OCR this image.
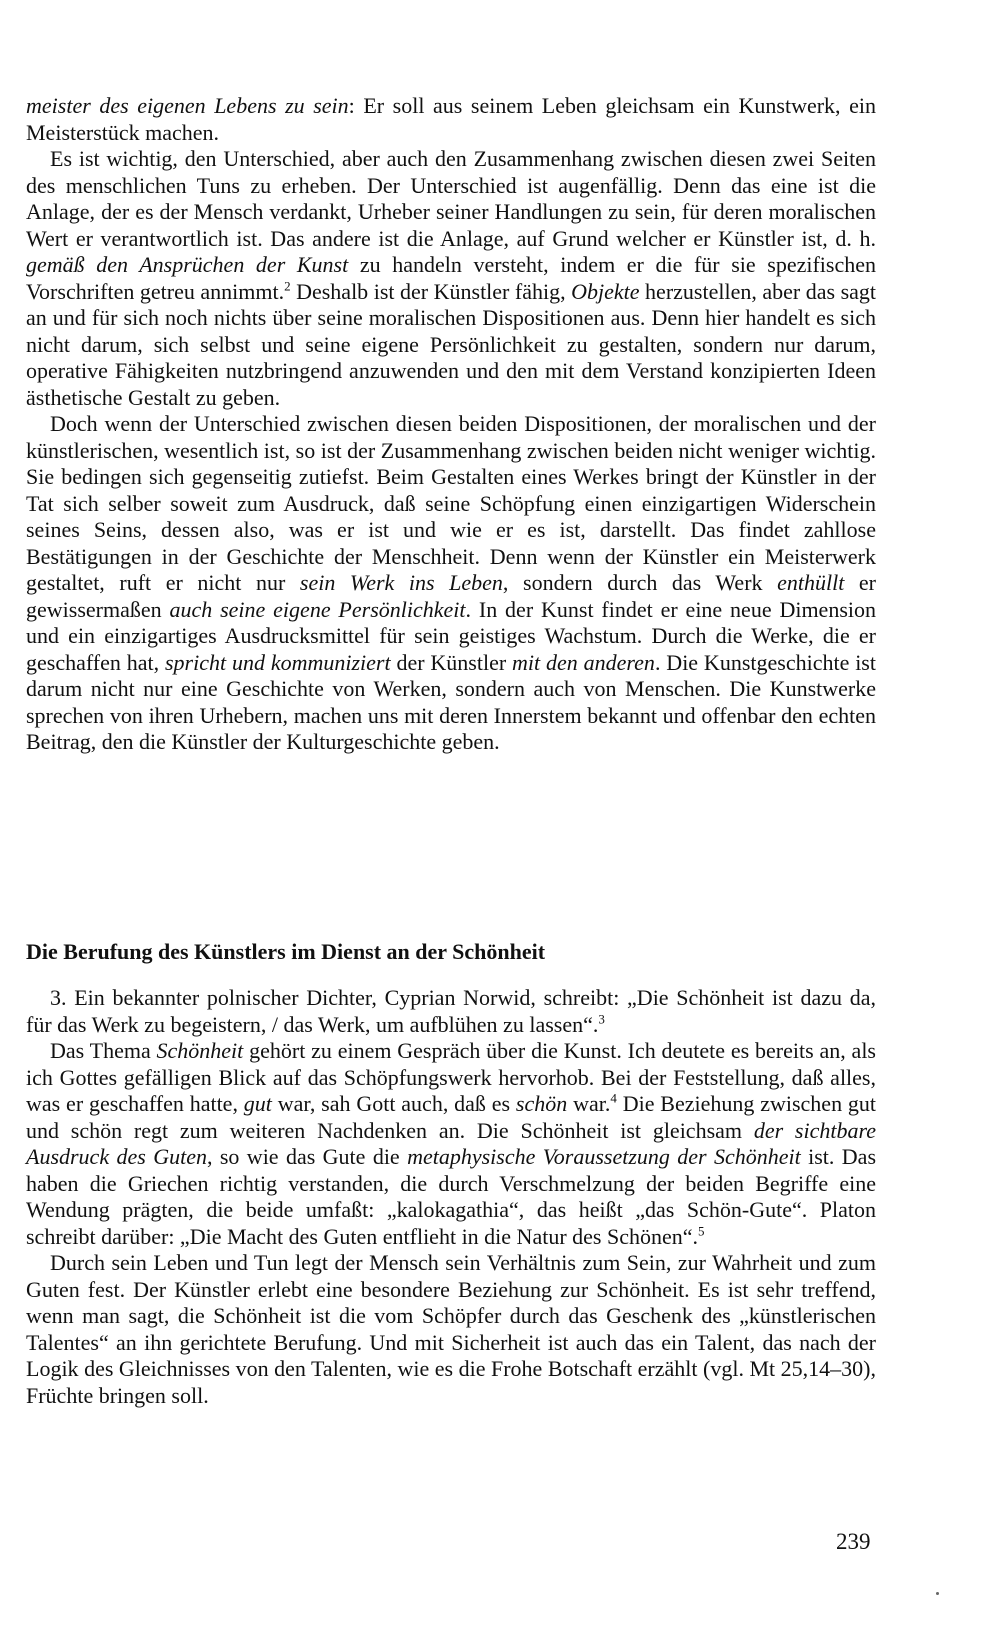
meister des eigenen Lebens zu sein: Er soll aus seinem Leben gleichsam ein Kunstwerk, ein Meisterstück machen.

Es ist wichtig, den Unterschied, aber auch den Zusammenhang zwischen diesen zwei Seiten des menschlichen Tuns zu erheben. Der Unterschied ist augenfällig. Denn das eine ist die Anlage, der es der Mensch verdankt, Urheber seiner Handlungen zu sein, für deren moralischen Wert er verantwortlich ist. Das andere ist die Anlage, auf Grund welcher er Künstler ist, d. h. gemäß den Ansprüchen der Kunst zu handeln versteht, indem er die für sie spezifischen Vorschriften getreu annimmt.$^2$ Deshalb ist der Künstler fähig, Objekte herzustellen, aber das sagt an und für sich noch nichts über seine moralischen Dispositionen aus. Denn hier handelt es sich nicht darum, sich selbst und seine eigene Persönlichkeit zu gestalten, sondern nur darum, operative Fähigkeiten nutzbringend anzuwenden und den mit dem Verstand konzipierten Ideen ästhetische Gestalt zu geben.

Doch wenn der Unterschied zwischen diesen beiden Dispositionen, der moralischen und der künstlerischen, wesentlich ist, so ist der Zusammenhang zwischen beiden nicht weniger wichtig. Sie bedingen sich gegenseitig zutiefst. Beim Gestalten eines Werkes bringt der Künstler in der Tat sich selber soweit zum Ausdruck, daß seine Schöpfung einen einzigartigen Widerschein seines Seins, dessen also, was er ist und wie er es ist, darstellt. Das findet zahllose Bestätigungen in der Geschichte der Menschheit. Denn wenn der Künstler ein Meisterwerk gestaltet, ruft er nicht nur sein Werk ins Leben, sondern durch das Werk enthüllt er gewissermaßen auch seine eigene Persönlichkeit. In der Kunst findet er eine neue Dimension und ein einzigartiges Ausdrucksmittel für sein geistiges Wachstum. Durch die Werke, die er geschaffen hat, spricht und kommuniziert der Künstler mit den anderen. Die Kunstgeschichte ist darum nicht nur eine Geschichte von Werken, sondern auch von Menschen. Die Kunstwerke sprechen von ihren Urhebern, machen uns mit deren Innerstem bekannt und offenbar den echten Beitrag, den die Künstler der Kulturgeschichte geben.

Die Berufung des Künstlers im Dienst an der Schönheit

3. Ein bekannter polnischer Dichter, Cyprian Norwid, schreibt: „Die Schönheit ist dazu da, für das Werk zu begeistern, / das Werk, um aufblühen zu lassen“.$^3$

Das Thema Schönheit gehört zu einem Gespräch über die Kunst. Ich deutete es bereits an, als ich Gottes gefälligen Blick auf das Schöpfungswerk hervorhob. Bei der Feststellung, daß alles, was er geschaffen hatte, gut war, sah Gott auch, daß es schön war.$^4$ Die Beziehung zwischen gut und schön regt zum weiteren Nachdenken an. Die Schönheit ist gleichsam der sichtbare Ausdruck des Guten, so wie das Gute die metaphysische Voraussetzung der Schönheit ist. Das haben die Griechen richtig verstanden, die durch Verschmelzung der beiden Begriffe eine Wendung prägten, die beide umfaßt: „kalokagathia“, das heißt „das Schön-Gute“. Platon schreibt darüber: „Die Macht des Guten entflieht in die Natur des Schönen“.$^5$

Durch sein Leben und Tun legt der Mensch sein Verhältnis zum Sein, zur Wahrheit und zum Guten fest. Der Künstler erlebt eine besondere Beziehung zur Schönheit. Es ist sehr treffend, wenn man sagt, die Schönheit ist die vom Schöpfer durch das Geschenk des „künstlerischen Talentes“ an ihn gerichtete Berufung. Und mit Sicherheit ist auch das ein Talent, das nach der Logik des Gleichnisses von den Talenten, wie es die Frohe Botschaft erzählt (vgl. Mt 25,14–30), Früchte bringen soll.

239
